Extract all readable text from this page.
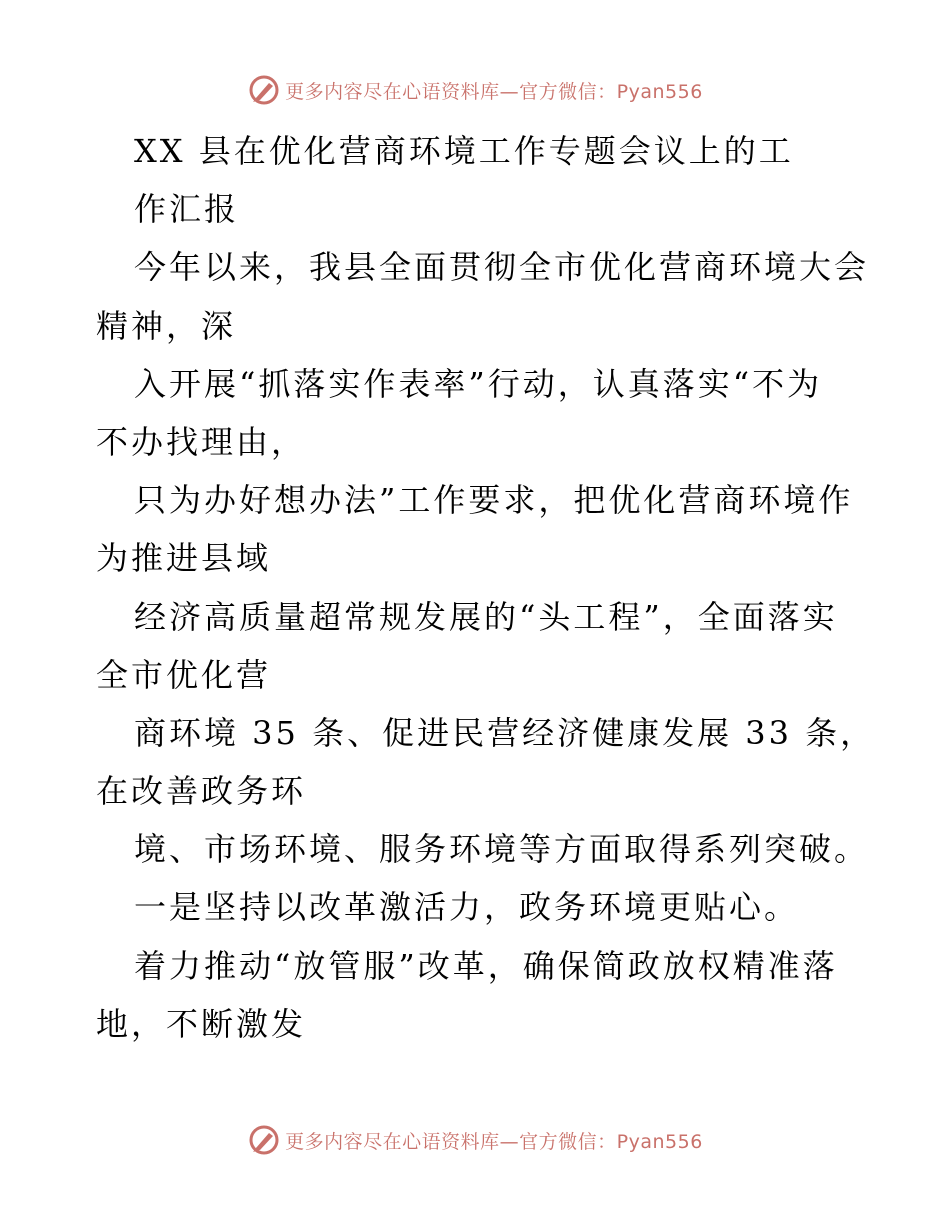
更多内容尽在心语资料库—官方微信：Pyan556
XX 县在优化营商环境工作专题会议上的工
作汇报
今年以来，我县全面贯彻全市优化营商环境大会
精神，深
入开展“抓落实作表率”行动，认真落实“不为
不办找理由，
只为办好想办法”工作要求，把优化营商环境作
为推进县域
经济高质量超常规发展的“头工程”，全面落实
全市优化营
商环境 35 条、促进民营经济健康发展 33 条，
在改善政务环
境、市场环境、服务环境等方面取得系列突破。
一是坚持以改革激活力，政务环境更贴心。
着力推动“放管服”改革，确保简政放权精准落
地，不断激发
更多内容尽在心语资料库—官方微信：Pyan556
